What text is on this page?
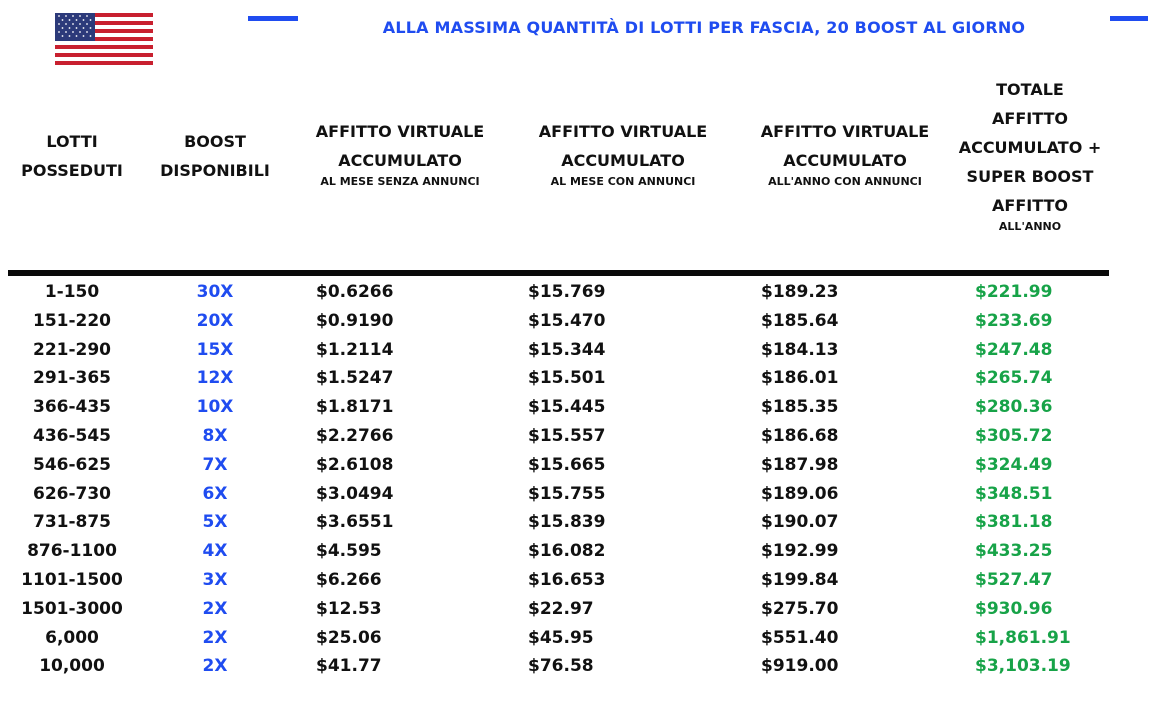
ALLA MASSIMA QUANTITÀ DI LOTTI PER FASCIA, 20 BOOST AL GIORNO
LOTTI
POSSEDUTI
BOOST
DISPONIBILI
AFFITTO VIRTUALE
ACCUMULATO
AL MESE SENZA ANNUNCI
AFFITTO VIRTUALE
ACCUMULATO
AL MESE CON ANNUNCI
AFFITTO VIRTUALE
ACCUMULATO
ALL'ANNO CON ANNUNCI
TOTALE
AFFITTO
ACCUMULATO +
SUPER BOOST
AFFITTO
ALL'ANNO
1-150	30X	$0.6266	$15.769	$189.23	$221.99
151-220	20X	$0.9190	$15.470	$185.64	$233.69
221-290	15X	$1.2114	$15.344	$184.13	$247.48
291-365	12X	$1.5247	$15.501	$186.01	$265.74
366-435	10X	$1.8171	$15.445	$185.35	$280.36
436-545	8X	$2.2766	$15.557	$186.68	$305.72
546-625	7X	$2.6108	$15.665	$187.98	$324.49
626-730	6X	$3.0494	$15.755	$189.06	$348.51
731-875	5X	$3.6551	$15.839	$190.07	$381.18
876-1100	4X	$4.595	$16.082	$192.99	$433.25
1101-1500	3X	$6.266	$16.653	$199.84	$527.47
1501-3000	2X	$12.53	$22.97	$275.70	$930.96
6,000	2X	$25.06	$45.95	$551.40	$1,861.91
10,000	2X	$41.77	$76.58	$919.00	$3,103.19
